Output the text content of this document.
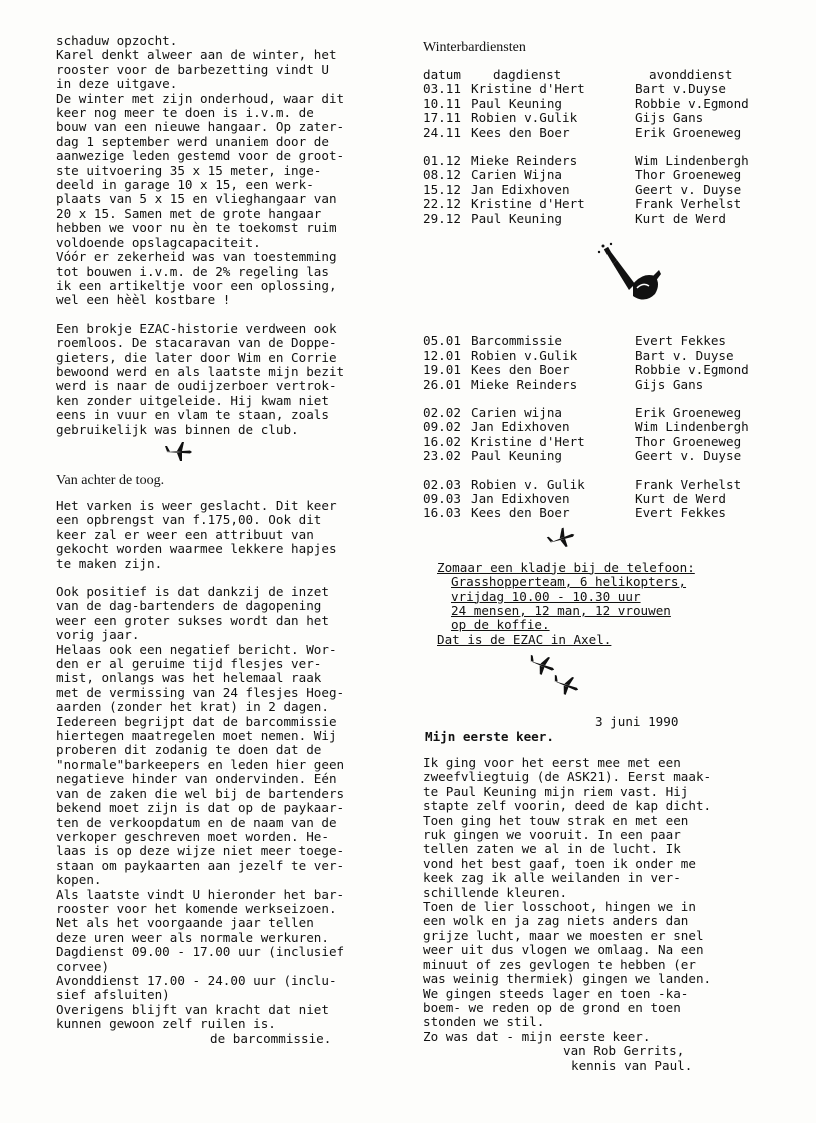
schaduw opzocht.
Karel denkt alweer aan de winter, het
rooster voor de barbezetting vindt U
in deze uitgave.
De winter met zijn onderhoud, waar dit
keer nog meer te doen is i.v.m. de
bouw van een nieuwe hangaar. Op zater-
dag 1 september werd unaniem door de
aanwezige leden gestemd voor de groot-
ste uitvoering 35 x 15 meter, inge-
deeld in garage 10 x 15, een werk-
plaats van 5 x 15 en vlieghangaar van
20 x 15. Samen met de grote hangaar
hebben we voor nu èn te toekomst ruim
voldoende opslagcapaciteit.
Vóór er zekerheid was van toestemming
tot bouwen i.v.m. de 2% regeling las
ik een artikeltje voor een oplossing,
wel een hèèl kostbare !
Een brokje EZAC-historie verdween ook
roemloos. De stacaravan van de Doppe-
gieters, die later door Wim en Corrie
bewoond werd en als laatste mijn bezit
werd is naar de oudijzerboer vertrok-
ken zonder uitgeleide. Hij kwam niet
eens in vuur en vlam te staan, zoals
gebruikelijk was binnen de club.
Van achter de toog.
Het varken is weer geslacht. Dit keer
een opbrengst van f.175,00. Ook dit
keer zal er weer een attribuut van
gekocht worden waarmee lekkere hapjes
te maken zijn.
Ook positief is dat dankzij de inzet
van de dag-bartenders de dagopening
weer een groter sukses wordt dan het
vorig jaar.
Helaas ook een negatief bericht. Wor-
den er al geruime tijd flesjes ver-
mist, onlangs was het helemaal raak
met de vermissing van 24 flesjes Hoeg-
aarden (zonder het krat) in 2 dagen.
Iedereen begrijpt dat de barcommissie
hiertegen maatregelen moet nemen. Wij
proberen dit zodanig te doen dat de
"normale"barkeepers en leden hier geen
negatieve hinder van ondervinden. Eén
van de zaken die wel bij de bartenders
bekend moet zijn is dat op de paykaar-
ten de verkoopdatum en de naam van de
verkoper geschreven moet worden. He-
laas is op deze wijze niet meer toege-
staan om paykaarten aan jezelf te ver-
kopen.
Als laatste vindt U hieronder het bar-
rooster voor het komende werkseizoen.
Net als het voorgaande jaar tellen
deze uren weer als normale werkuren.
Dagdienst 09.00 - 17.00 uur (inclusief
corvee)
Avonddienst 17.00 - 24.00 uur (inclu-
sief afsluiten)
Overigens blijft van kracht dat niet
kunnen gewoon zelf ruilen is.
de barcommissie.
Winterbardiensten
datum	dagdienst	avonddienst
03.11	Kristine d'Hert	Bart v.Duyse
10.11	Paul Keuning	Robbie v.Egmond
17.11	Robien v.Gulik	Gijs Gans
24.11	Kees den Boer	Erik Groeneweg

01.12	Mieke Reinders	Wim Lindenbergh
08.12	Carien Wijna	Thor Groeneweg
15.12	Jan Edixhoven	Geert v. Duyse
22.12	Kristine d'Hert	Frank Verhelst
29.12	Paul Keuning	Kurt de Werd

05.01	Barcommissie	Evert Fekkes
12.01	Robien v.Gulik	Bart v. Duyse
19.01	Kees den Boer	Robbie v.Egmond
26.01	Mieke Reinders	Gijs Gans

02.02	Carien wijna	Erik Groeneweg
09.02	Jan Edixhoven	Wim Lindenbergh
16.02	Kristine d'Hert	Thor Groeneweg
23.02	Paul Keuning	Geert v. Duyse

02.03	Robien v. Gulik	Frank Verhelst
09.03	Jan Edixhoven	Kurt de Werd
16.03	Kees den Boer	Evert Fekkes
Zomaar een kladje bij de telefoon:
Grasshopperteam, 6 helikopters,
vrijdag 10.00 - 10.30 uur
24 mensen, 12 man, 12 vrouwen
op de koffie.
Dat is de EZAC in Axel.
3 juni 1990
Mijn eerste keer.
Ik ging voor het eerst mee met een
zweefvliegtuig (de ASK21). Eerst maak-
te Paul Keuning mijn riem vast. Hij
stapte zelf voorin, deed de kap dicht.
Toen ging het touw strak en met een
ruk gingen we vooruit. In een paar
tellen zaten we al in de lucht. Ik
vond het best gaaf, toen ik onder me
keek zag ik alle weilanden in ver-
schillende kleuren.
Toen de lier losschoot, hingen we in
een wolk en ja zag niets anders dan
grijze lucht, maar we moesten er snel
weer uit dus vlogen we omlaag. Na een
minuut of zes gevlogen te hebben (er
was weinig thermiek) gingen we landen.
We gingen steeds lager en toen -ka-
boem- we reden op de grond en toen
stonden we stil.
Zo was dat - mijn eerste keer.
van Rob Gerrits,
kennis van Paul.
